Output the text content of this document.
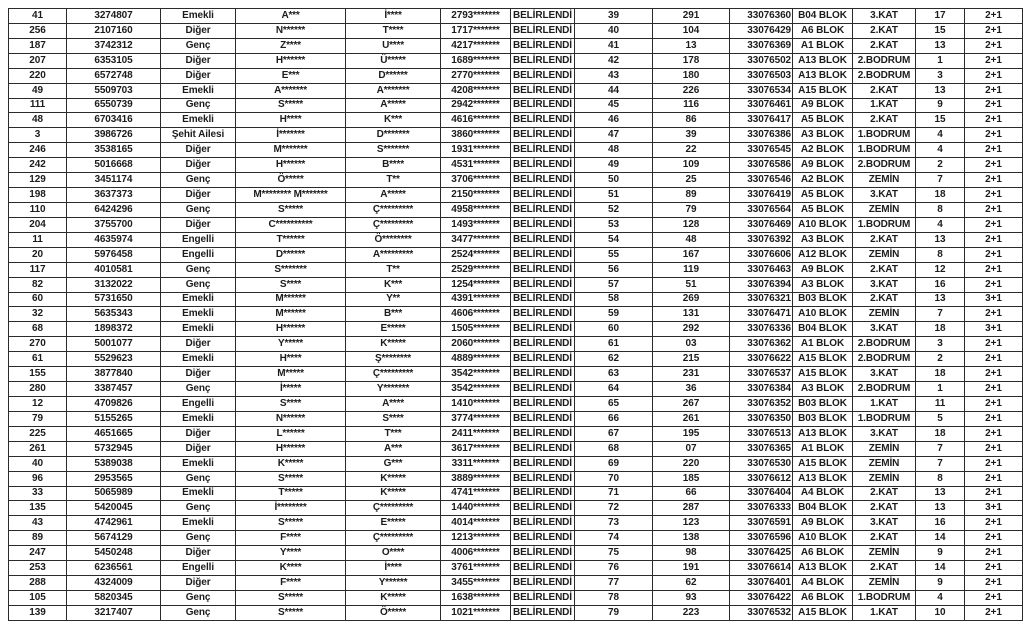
41	3274807	Emekli	A***	İ****	2793*******	BELİRLENDİ	39	291	33076360	B04 BLOK	3.KAT	17	2+1
256	2107160	Diğer	N******	T****	1717*******	BELİRLENDİ	40	104	33076429	A6 BLOK	2.KAT	15	2+1
187	3742312	Genç	Z****	U****	4217*******	BELİRLENDİ	41	13	33076369	A1 BLOK	2.KAT	13	2+1
207	6353105	Diğer	H******	Ü*****	1689*******	BELİRLENDİ	42	178	33076502	A13 BLOK	2.BODRUM	1	2+1
220	6572748	Diğer	E***	D******	2770*******	BELİRLENDİ	43	180	33076503	A13 BLOK	2.BODRUM	3	2+1
49	5509703	Emekli	A*******	A*******	4208*******	BELİRLENDİ	44	226	33076534	A15 BLOK	2.KAT	13	2+1
111	6550739	Genç	S*****	A*****	2942*******	BELİRLENDİ	45	116	33076461	A9 BLOK	1.KAT	9	2+1
48	6703416	Emekli	H****	K***	4616*******	BELİRLENDİ	46	86	33076417	A5 BLOK	2.KAT	15	2+1
3	3986726	Şehit Ailesi	İ*******	D*******	3860*******	BELİRLENDİ	47	39	33076386	A3 BLOK	1.BODRUM	4	2+1
246	3538165	Diğer	M*******	S*******	1931*******	BELİRLENDİ	48	22	33076545	A2 BLOK	1.BODRUM	4	2+1
242	5016668	Diğer	H******	B****	4531*******	BELİRLENDİ	49	109	33076586	A9 BLOK	2.BODRUM	2	2+1
129	3451174	Genç	Ö*****	T**	3706*******	BELİRLENDİ	50	25	33076546	A2 BLOK	ZEMİN	7	2+1
198	3637373	Diğer	M******** M*******	A*****	2150*******	BELİRLENDİ	51	89	33076419	A5 BLOK	3.KAT	18	2+1
110	6424296	Genç	S*****	Ç*********	4958*******	BELİRLENDİ	52	79	33076564	A5 BLOK	ZEMİN	8	2+1
204	3755700	Diğer	C**********	Ç*********	1493*******	BELİRLENDİ	53	128	33076469	A10 BLOK	1.BODRUM	4	2+1
11	4635974	Engelli	T******	Ö********	3477*******	BELİRLENDİ	54	48	33076392	A3 BLOK	2.KAT	13	2+1
20	5976458	Engelli	D******	A*********	2524*******	BELİRLENDİ	55	167	33076606	A12 BLOK	ZEMİN	8	2+1
117	4010581	Genç	S*******	T**	2529*******	BELİRLENDİ	56	119	33076463	A9 BLOK	2.KAT	12	2+1
82	3132022	Genç	S****	K***	1254*******	BELİRLENDİ	57	51	33076394	A3 BLOK	3.KAT	16	2+1
60	5731650	Emekli	M******	Y**	4391*******	BELİRLENDİ	58	269	33076321	B03 BLOK	2.KAT	13	3+1
32	5635343	Emekli	M******	B***	4606*******	BELİRLENDİ	59	131	33076471	A10 BLOK	ZEMİN	7	2+1
68	1898372	Emekli	H******	E*****	1505*******	BELİRLENDİ	60	292	33076336	B04 BLOK	3.KAT	18	3+1
270	5001077	Diğer	Y*****	K*****	2060*******	BELİRLENDİ	61	03	33076362	A1 BLOK	2.BODRUM	3	2+1
61	5529623	Emekli	H****	Ş********	4889*******	BELİRLENDİ	62	215	33076622	A15 BLOK	2.BODRUM	2	2+1
155	3877840	Diğer	M*****	Ç*********	3542*******	BELİRLENDİ	63	231	33076537	A15 BLOK	3.KAT	18	2+1
280	3387457	Genç	İ*****	Y*******	3542*******	BELİRLENDİ	64	36	33076384	A3 BLOK	2.BODRUM	1	2+1
12	4709826	Engelli	S****	A****	1410*******	BELİRLENDİ	65	267	33076352	B03 BLOK	1.KAT	11	2+1
79	5155265	Emekli	N******	S****	3774*******	BELİRLENDİ	66	261	33076350	B03 BLOK	1.BODRUM	5	2+1
225	4651665	Diğer	L******	T***	2411*******	BELİRLENDİ	67	195	33076513	A13 BLOK	3.KAT	18	2+1
261	5732945	Diğer	H******	A***	3617*******	BELİRLENDİ	68	07	33076365	A1 BLOK	ZEMİN	7	2+1
40	5389038	Emekli	K*****	G***	3311*******	BELİRLENDİ	69	220	33076530	A15 BLOK	ZEMİN	7	2+1
96	2953565	Genç	S*****	K*****	3889*******	BELİRLENDİ	70	185	33076612	A13 BLOK	ZEMİN	8	2+1
33	5065989	Emekli	T*****	K*****	4741*******	BELİRLENDİ	71	66	33076404	A4 BLOK	2.KAT	13	2+1
135	5420045	Genç	İ********	Ç*********	1440*******	BELİRLENDİ	72	287	33076333	B04 BLOK	2.KAT	13	3+1
43	4742961	Emekli	S*****	E*****	4014*******	BELİRLENDİ	73	123	33076591	A9 BLOK	3.KAT	16	2+1
89	5674129	Genç	F****	Ç*********	1213*******	BELİRLENDİ	74	138	33076596	A10 BLOK	2.KAT	14	2+1
247	5450248	Diğer	Y****	O****	4006*******	BELİRLENDİ	75	98	33076425	A6 BLOK	ZEMİN	9	2+1
253	6236561	Engelli	K****	İ****	3761*******	BELİRLENDİ	76	191	33076614	A13 BLOK	2.KAT	14	2+1
288	4324009	Diğer	F****	Y******	3455*******	BELİRLENDİ	77	62	33076401	A4 BLOK	ZEMİN	9	2+1
105	5820345	Genç	S*****	K*****	1638*******	BELİRLENDİ	78	93	33076422	A6 BLOK	1.BODRUM	4	2+1
139	3217407	Genç	S*****	Ö*****	1021*******	BELİRLENDİ	79	223	33076532	A15 BLOK	1.KAT	10	2+1
